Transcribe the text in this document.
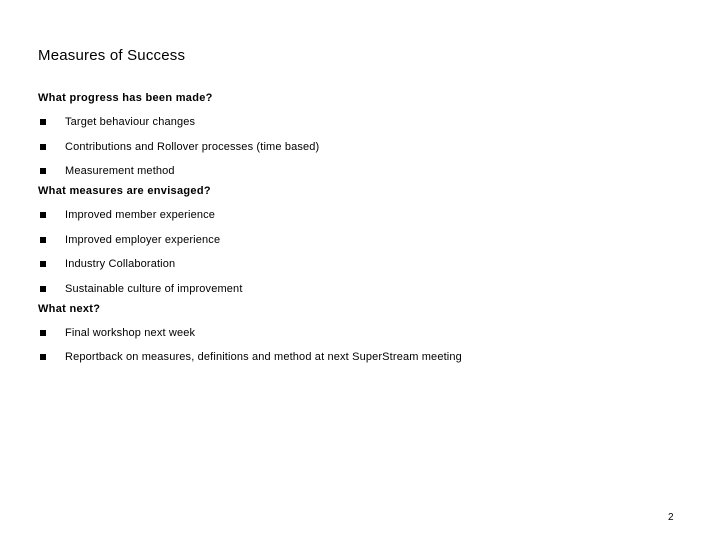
Measures of Success
What progress has been made?
Target behaviour changes
Contributions and Rollover processes (time based)
Measurement method
What measures are envisaged?
Improved member experience
Improved employer experience
Industry Collaboration
Sustainable culture of improvement
What next?
Final workshop next week
Reportback on measures, definitions and method at next SuperStream meeting
2
